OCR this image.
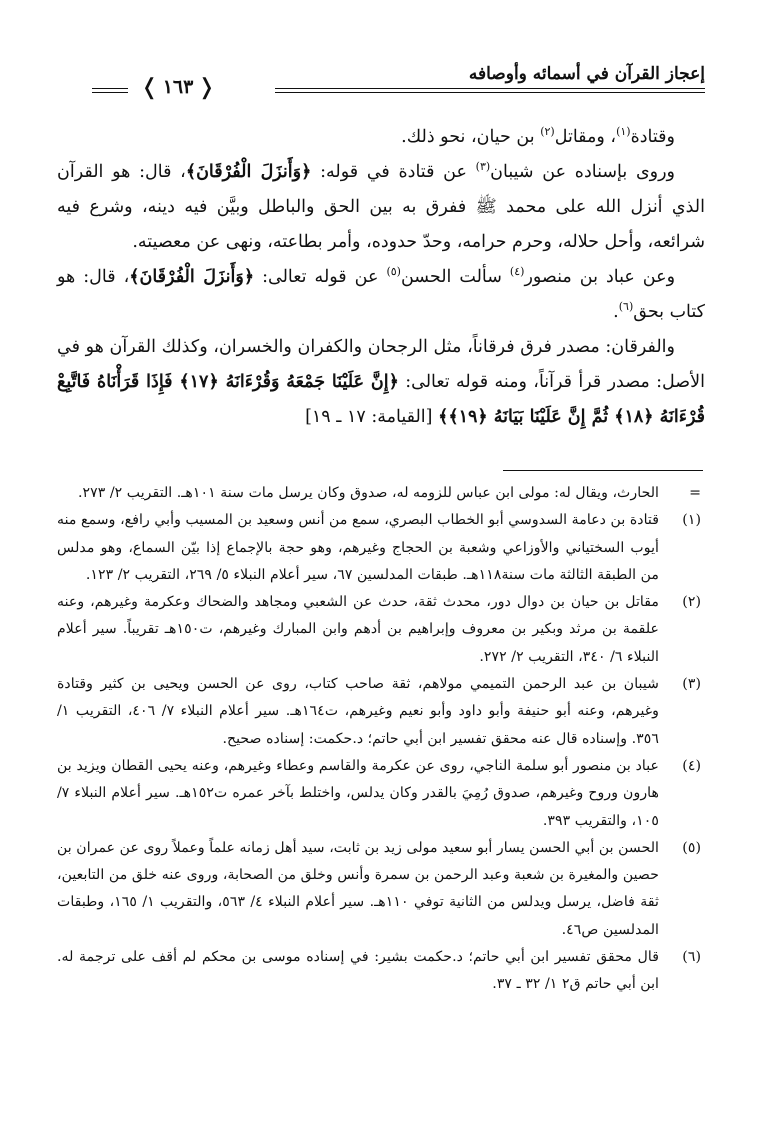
إعجاز القرآن في أسمائه وأوصافه
❬
١٦٣
❭

وقتادة$^{(١)}$، ومقاتل$^{(٢)}$ بن حيان، نحو ذلك.

وروى بإسناده عن شيبان$^{(٣)}$ عن قتادة في قوله: ﴿وَأَنزَلَ الْفُرْقَانَ﴾، قال: هو القرآن الذي أنزل الله على محمد ﷺ ففرق به بين الحق والباطل وبيَّن فيه دينه، وشرع فيه شرائعه، وأحل حلاله، وحرم حرامه، وحدّ حدوده، وأمر بطاعته، ونهى عن معصيته.

وعن عباد بن منصور$^{(٤)}$ سألت الحسن$^{(٥)}$ عن قوله تعالى: ﴿وَأَنزَلَ الْفُرْقَانَ﴾، قال: هو كتاب بحق$^{(٦)}$.

والفرقان: مصدر فرق فرقاناً، مثل الرجحان والكفران والخسران، وكذلك القرآن هو في الأصل: مصدر قرأ قرآناً، ومنه قوله تعالى: ﴿إِنَّ عَلَيْنَا جَمْعَهُ وَقُرْءَانَهُ ﴿١٧﴾ فَإِذَا قَرَأْنَاهُ فَاتَّبِعْ قُرْءَانَهُ ﴿١٨﴾ ثُمَّ إِنَّ عَلَيْنَا بَيَانَهُ ﴿١٩﴾﴾ [القيامة: ١٧ ـ ١٩]

=
الحارث، ويقال له: مولى ابن عباس للزومه له، صدوق وكان يرسل مات سنة ١٠١هـ. التقريب ٢/ ٢٧٣.

(١)
قتادة بن دعامة السدوسي أبو الخطاب البصري، سمع من أنس وسعيد بن المسيب وأبي رافع، وسمع منه أيوب السختياني والأوزاعي وشعبة بن الحجاج وغيرهم، وهو حجة بالإجماع إذا بيّن السماع، وهو مدلس من الطبقة الثالثة مات سنة١١٨هـ. طبقات المدلسين ٦٧، سير أعلام النبلاء ٥/ ٢٦٩، التقريب ٢/ ١٢٣.

(٢)
مقاتل بن حيان بن دوال دور، محدث ثقة، حدث عن الشعبي ومجاهد والضحاك وعكرمة وغيرهم، وعنه علقمة بن مرثد وبكير بن معروف وإبراهيم بن أدهم وابن المبارك وغيرهم، ت١٥٠هـ تقريباً. سير أعلام النبلاء ٦/ ٣٤٠، التقريب ٢/ ٢٧٢.

(٣)
شيبان بن عبد الرحمن التميمي مولاهم، ثقة صاحب كتاب، روى عن الحسن ويحيى بن كثير وقتادة وغيرهم، وعنه أبو حنيفة وأبو داود وأبو نعيم وغيرهم، ت١٦٤هـ. سير أعلام النبلاء ٧/ ٤٠٦، التقريب ١/ ٣٥٦. وإسناده قال عنه محقق تفسير ابن أبي حاتم؛ د.حكمت: إسناده صحيح.

(٤)
عباد بن منصور أبو سلمة الناجي، روى عن عكرمة والقاسم وعطاء وغيرهم، وعنه يحيى القطان ويزيد بن هارون وروح وغيرهم، صدوق رُمِيَ بالقدر وكان يدلس، واختلط بآخر عمره ت١٥٢هـ. سير أعلام النبلاء ٧/ ١٠٥، والتقريب ٣٩٣.

(٥)
الحسن بن أبي الحسن يسار أبو سعيد مولى زيد بن ثابت، سيد أهل زمانه علماً وعملاً روى عن عمران بن حصين والمغيرة بن شعبة وعبد الرحمن بن سمرة وأنس وخلق من الصحابة، وروى عنه خلق من التابعين، ثقة فاضل، يرسل ويدلس من الثانية توفي ١١٠هـ. سير أعلام النبلاء ٤/ ٥٦٣، والتقريب ١/ ١٦٥، وطبقات المدلسين ص٤٦.

(٦)
قال محقق تفسير ابن أبي حاتم؛ د.حكمت بشير: في إسناده موسى بن محكم لم أقف على ترجمة له. ابن أبي حاتم ق٢ ١/ ٣٢ ـ ٣٧.
